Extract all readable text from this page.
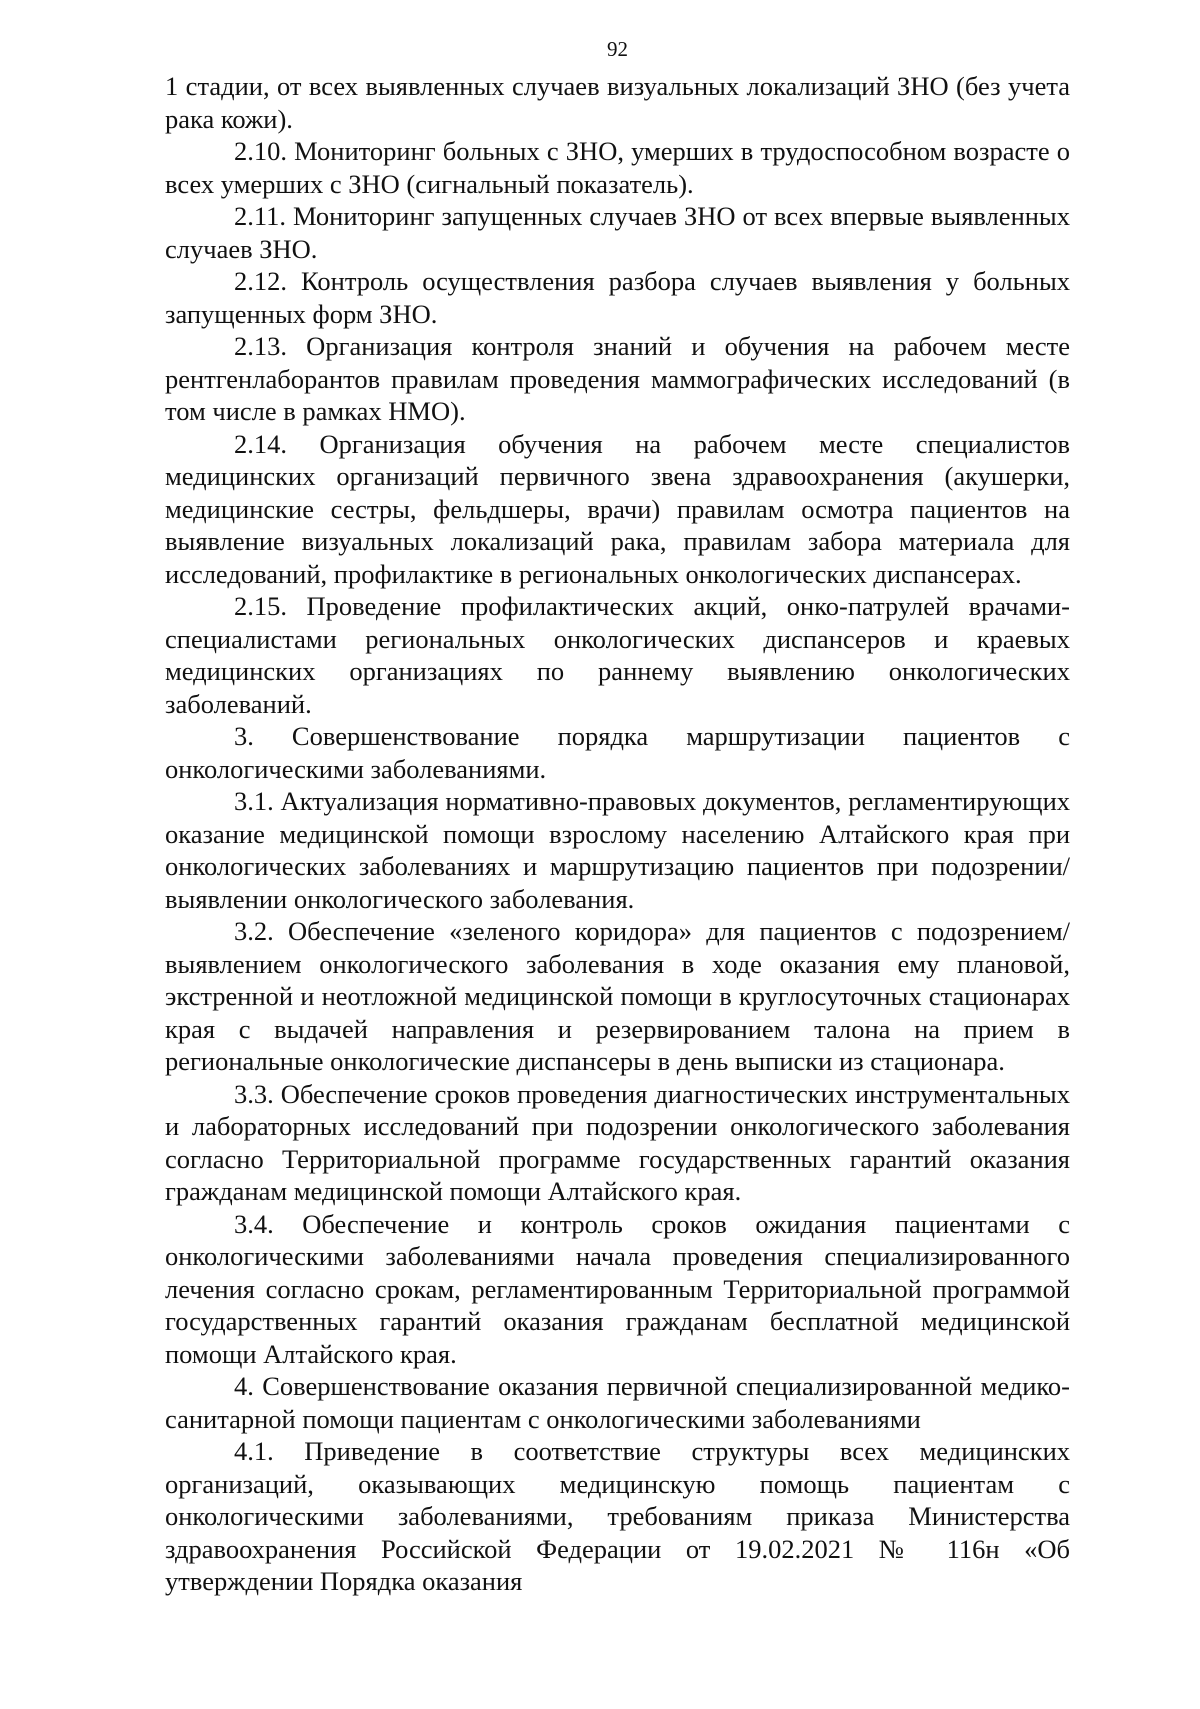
92

1 стадии, от всех выявленных случаев визуальных локализаций ЗНО (без учета рака кожи).

2.10. Мониторинг больных с ЗНО, умерших в трудоспособном возрасте о всех умерших с ЗНО (сигнальный показатель).

2.11. Мониторинг запущенных случаев ЗНО от всех впервые выявленных случаев ЗНО.

2.12. Контроль осуществления разбора случаев выявления у больных запущенных форм ЗНО.

2.13. Организация контроля знаний и обучения на рабочем месте рентгенлаборантов правилам проведения маммографических исследований (в том числе в рамках НМО).

2.14. Организация обучения на рабочем месте специалистов медицинских организаций первичного звена здравоохранения (акушерки, медицинские сестры, фельдшеры, врачи) правилам осмотра пациентов на выявление визуальных локализаций рака, правилам забора материала для исследований, профилактике в региональных онкологических диспансерах.

2.15. Проведение профилактических акций, онко-патрулей врачами-специалистами региональных онкологических диспансеров и краевых медицинских организациях по раннему выявлению онкологических заболеваний.

3. Совершенствование порядка маршрутизации пациентов с онкологическими заболеваниями.

3.1. Актуализация нормативно-правовых документов, регламентирующих оказание медицинской помощи взрослому населению Алтайского края при онкологических заболеваниях и маршрутизацию пациентов при подозрении/выявлении онкологического заболевания.

3.2. Обеспечение «зеленого коридора» для пациентов с подозрением/выявлением онкологического заболевания в ходе оказания ему плановой, экстренной и неотложной медицинской помощи в круглосуточных стационарах края с выдачей направления и резервированием талона на прием в региональные онкологические диспансеры в день выписки из стационара.

3.3. Обеспечение сроков проведения диагностических инструментальных и лабораторных исследований при подозрении онкологического заболевания согласно Территориальной программе государственных гарантий оказания гражданам медицинской помощи Алтайского края.

3.4. Обеспечение и контроль сроков ожидания пациентами с онкологическими заболеваниями начала проведения специализированного лечения согласно срокам, регламентированным Территориальной программой государственных гарантий оказания гражданам бесплатной медицинской помощи Алтайского края.

4. Совершенствование оказания первичной специализированной медико-санитарной помощи пациентам с онкологическими заболеваниями

4.1. Приведение в соответствие структуры всех медицинских организаций, оказывающих медицинскую помощь пациентам с онкологическими заболеваниями, требованиям приказа Министерства здравоохранения Российской Федерации от 19.02.2021 № 116н «Об утверждении Порядка оказания
